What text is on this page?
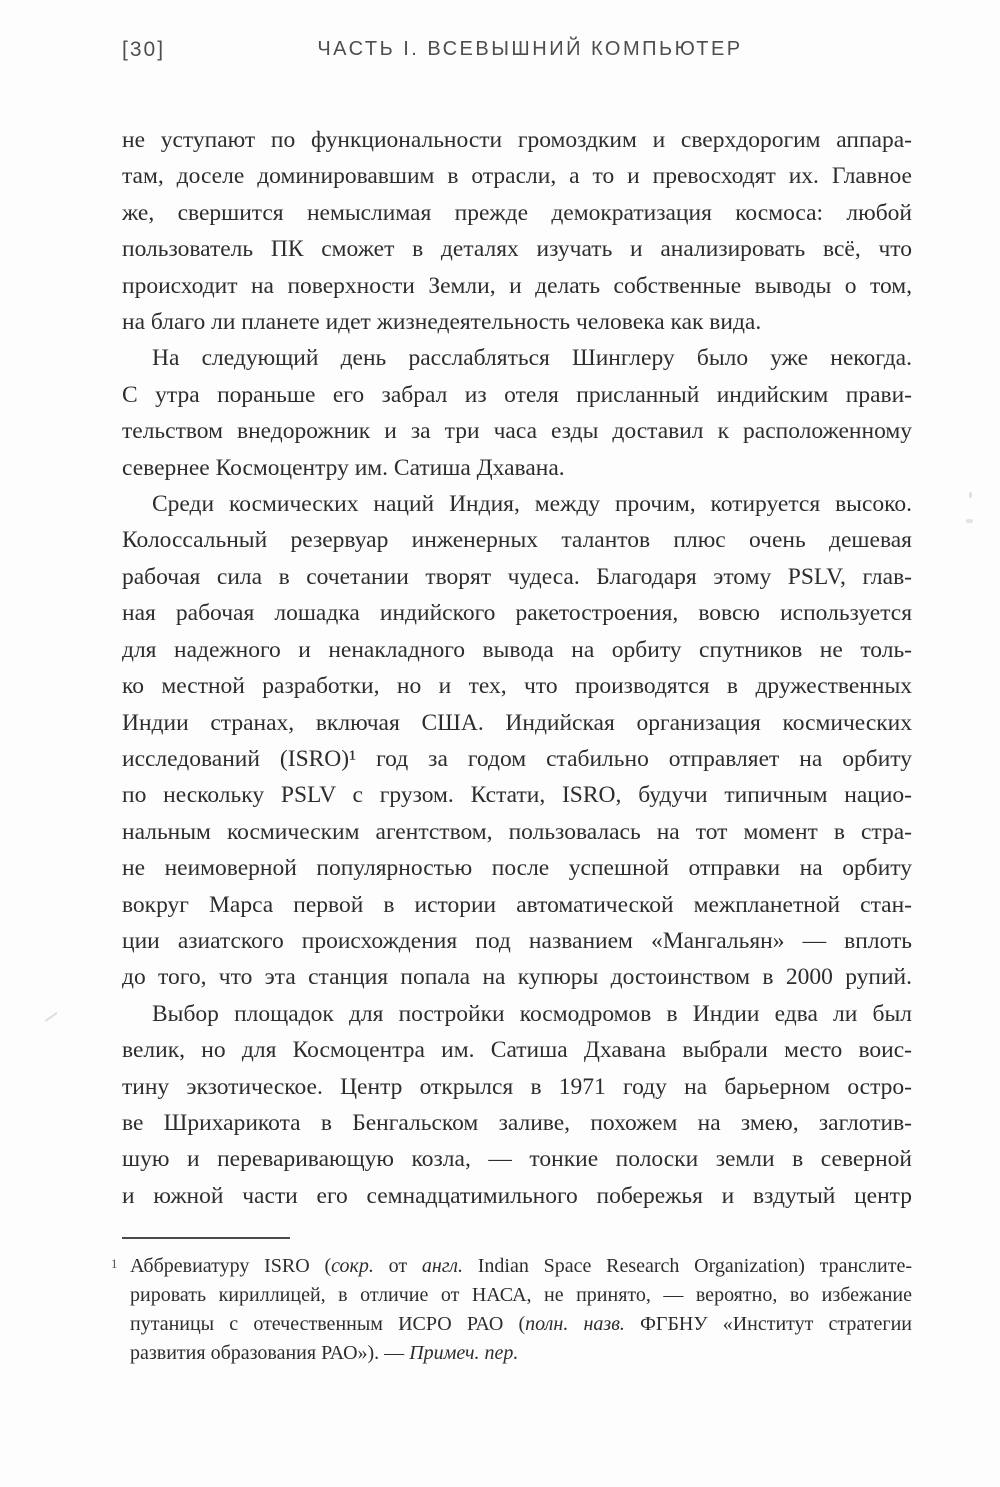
[30]	ЧАСТЬ I. ВСЕВЫШНИЙ КОМПЬЮТЕР
не уступают по функциональности громоздким и сверхдорогим аппара-
там, доселе доминировавшим в отрасли, а то и превосходят их. Главное
же, свершится немыслимая прежде демократизация космоса: любой
пользователь ПК сможет в деталях изучать и анализировать всё, что
происходит на поверхности Земли, и делать собственные выводы о том,
на благо ли планете идет жизнедеятельность человека как вида.
На следующий день расслабляться Шинглеру было уже некогда.
С утра пораньше его забрал из отеля присланный индийским прави-
тельством внедорожник и за три часа езды доставил к расположенному
севернее Космоцентру им. Сатиша Дхавана.
Среди космических наций Индия, между прочим, котируется высоко.
Колоссальный резервуар инженерных талантов плюс очень дешевая
рабочая сила в сочетании творят чудеса. Благодаря этому PSLV, глав-
ная рабочая лошадка индийского ракетостроения, вовсю используется
для надежного и ненакладного вывода на орбиту спутников не толь-
ко местной разработки, но и тех, что производятся в дружественных
Индии странах, включая США. Индийская организация космических
исследований (ISRO)¹ год за годом стабильно отправляет на орбиту
по нескольку PSLV с грузом. Кстати, ISRO, будучи типичным нацио-
нальным космическим агентством, пользовалась на тот момент в стра-
не неимоверной популярностью после успешной отправки на орбиту
вокруг Марса первой в истории автоматической межпланетной стан-
ции азиатского происхождения под названием «Мангальян» — вплоть
до того, что эта станция попала на купюры достоинством в 2000 рупий.
Выбор площадок для постройки космодромов в Индии едва ли был
велик, но для Космоцентра им. Сатиша Дхавана выбрали место воис-
тину экзотическое. Центр открылся в 1971 году на барьерном остро-
ве Шрихарикота в Бенгальском заливе, похожем на змею, заглотив-
шую и переваривающую козла, — тонкие полоски земли в северной
и южной части его семнадцатимильного побережья и вздутый центр
1 Аббревиатуру ISRO (сокр. от англ. Indian Space Research Organization) транслите-
рировать кириллицей, в отличие от НАСА, не принято, — вероятно, во избежание
путаницы с отечественным ИСРО РАО (полн. назв. ФГБНУ «Институт стратегии
развития образования РАО»). — Примеч. пер.
